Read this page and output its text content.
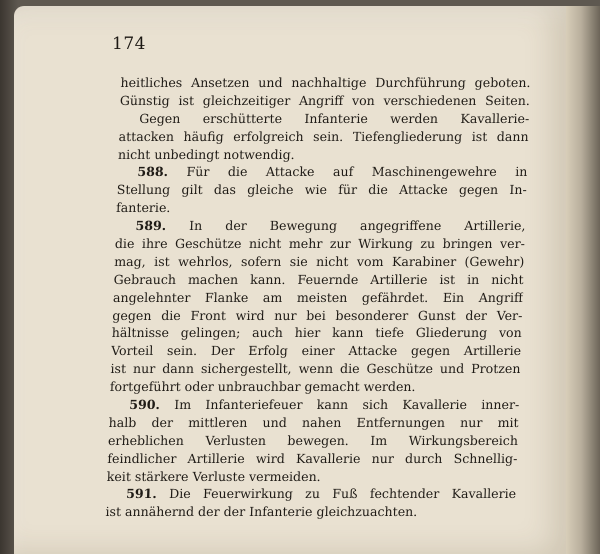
174
heitliches Ansetzen und nachhaltige Durchführung geboten.
Günstig ist gleichzeitiger Angriff von verschiedenen Seiten.
Gegen erschütterte Infanterie werden Kavallerie-
attacken häufig erfolgreich sein. Tiefengliederung ist dann
nicht unbedingt notwendig.
588. Für die Attacke auf Maschinengewehre in
Stellung gilt das gleiche wie für die Attacke gegen In-
fanterie.
589. In der Bewegung angegriffene Artillerie,
die ihre Geschütze nicht mehr zur Wirkung zu bringen ver-
mag, ist wehrlos, sofern sie nicht vom Karabiner (Gewehr)
Gebrauch machen kann. Feuernde Artillerie ist in nicht
angelehnter Flanke am meisten gefährdet. Ein Angriff
gegen die Front wird nur bei besonderer Gunst der Ver-
hältnisse gelingen; auch hier kann tiefe Gliederung von
Vorteil sein. Der Erfolg einer Attacke gegen Artillerie
ist nur dann sichergestellt, wenn die Geschütze und Protzen
fortgeführt oder unbrauchbar gemacht werden.
590. Im Infanteriefeuer kann sich Kavallerie inner-
halb der mittleren und nahen Entfernungen nur mit
erheblichen Verlusten bewegen. Im Wirkungsbereich
feindlicher Artillerie wird Kavallerie nur durch Schnellig-
keit stärkere Verluste vermeiden.
591. Die Feuerwirkung zu Fuß fechtender Kavallerie
ist annähernd der der Infanterie gleichzuachten.
